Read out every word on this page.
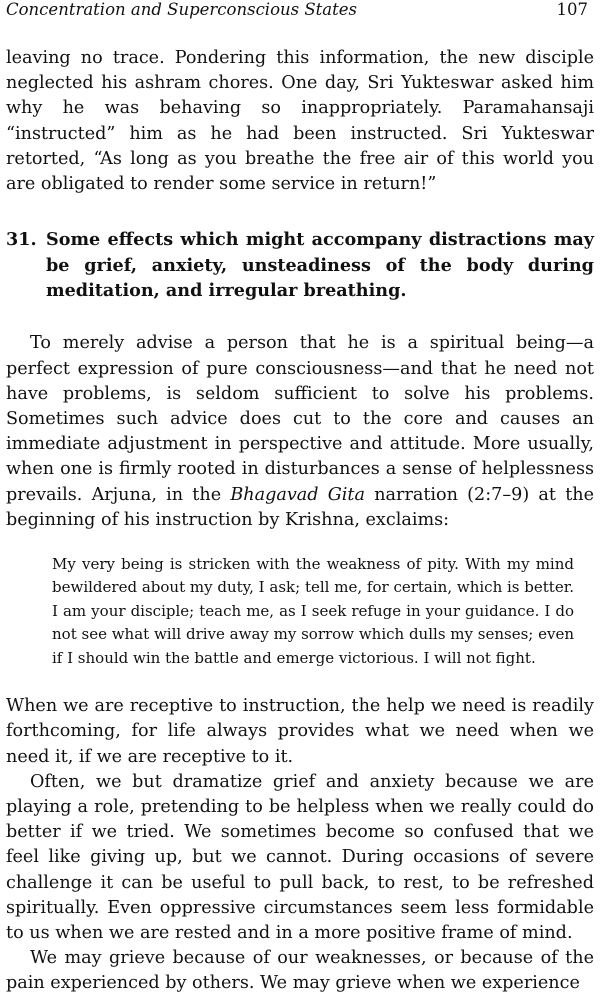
Concentration and Superconscious States	107

leaving no trace. Pondering this information, the new disciple neglected his ashram chores. One day, Sri Yukteswar asked him why he was behaving so inappropriately. Paramahansaji “instructed” him as he had been instructed. Sri Yukteswar retorted, “As long as you breathe the free air of this world you are obligated to render some service in return!”

31. Some effects which might accompany distractions may be grief, anxiety, unsteadiness of the body during meditation, and irregular breathing.

To merely advise a person that he is a spiritual being—a perfect expression of pure consciousness—and that he need not have problems, is seldom sufficient to solve his problems. Sometimes such advice does cut to the core and causes an immediate adjustment in perspective and attitude. More usually, when one is firmly rooted in disturbances a sense of helplessness prevails. Arjuna, in the Bhagavad Gita narration (2:7–9) at the beginning of his instruction by Krishna, exclaims:

My very being is stricken with the weakness of pity. With my mind bewildered about my duty, I ask; tell me, for certain, which is better. I am your disciple; teach me, as I seek refuge in your guidance. I do not see what will drive away my sorrow which dulls my senses; even if I should win the battle and emerge victorious. I will not fight.

When we are receptive to instruction, the help we need is readily forthcoming, for life always provides what we need when we need it, if we are receptive to it.

Often, we but dramatize grief and anxiety because we are playing a role, pretending to be helpless when we really could do better if we tried. We sometimes become so confused that we feel like giving up, but we cannot. During occasions of severe challenge it can be useful to pull back, to rest, to be refreshed spiritually. Even oppressive circumstances seem less formidable to us when we are rested and in a more positive frame of mind.

We may grieve because of our weaknesses, or because of the pain experienced by others. We may grieve when we experience
